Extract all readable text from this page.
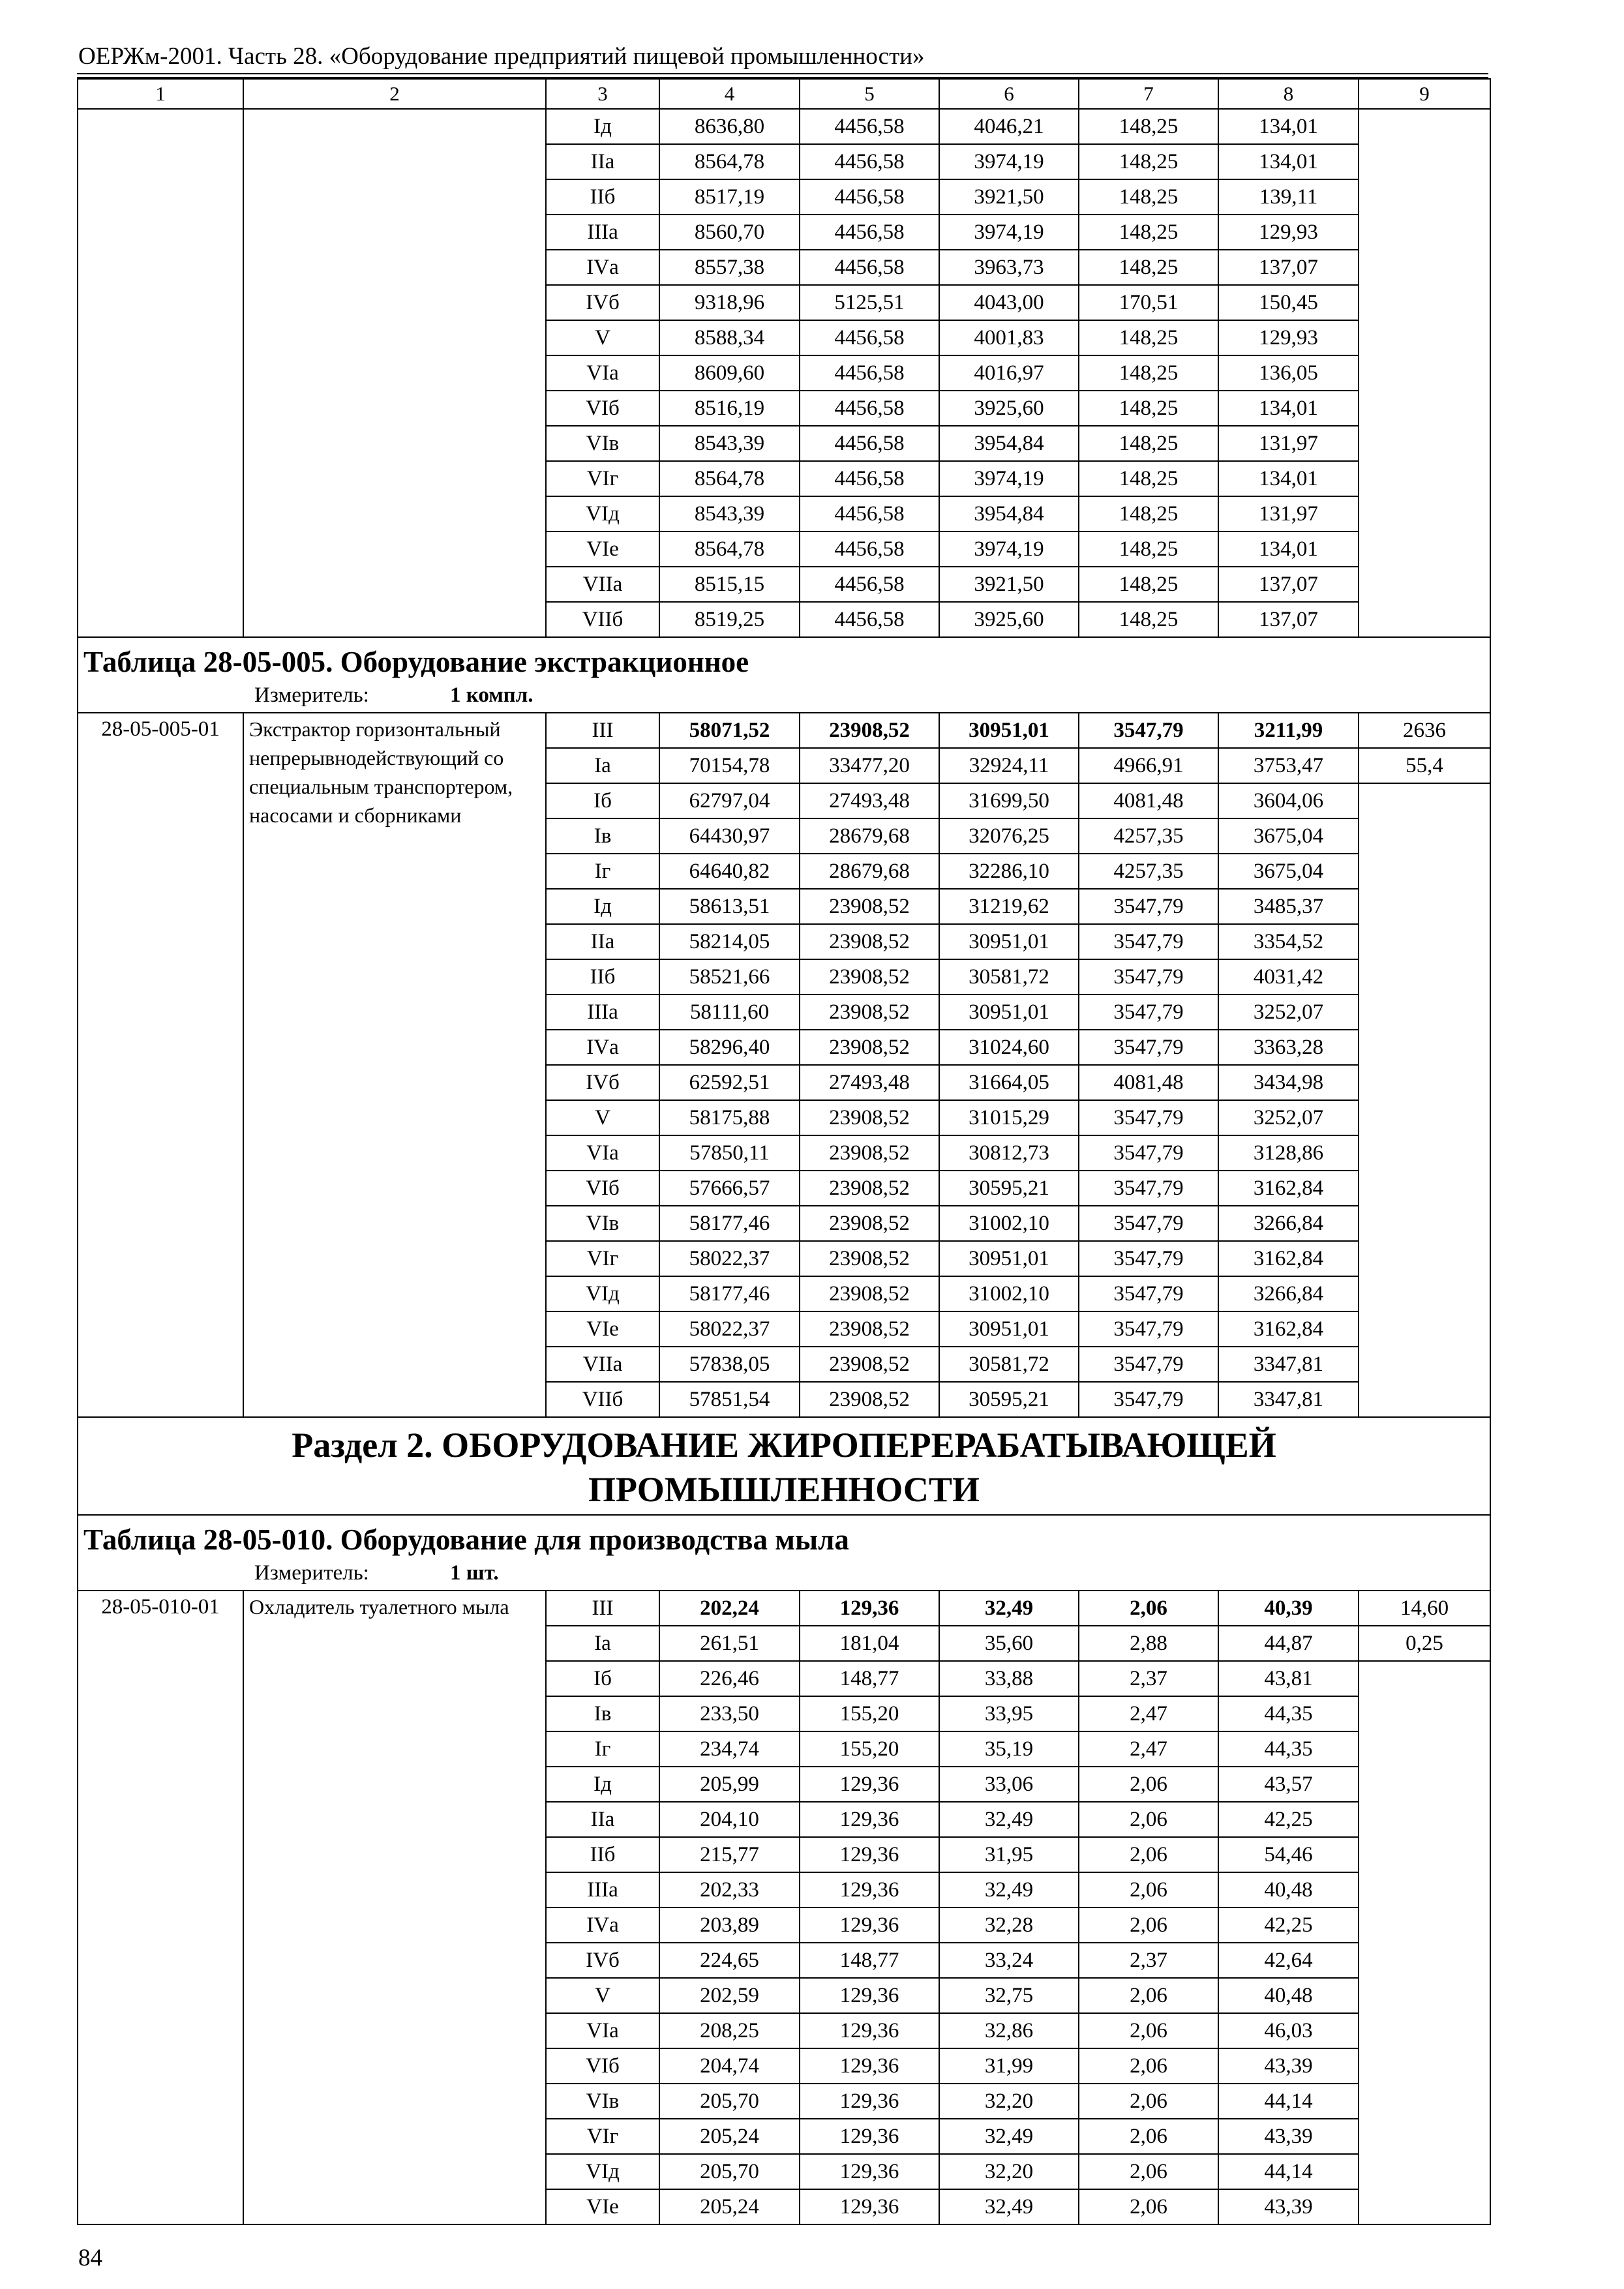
ОЕРЖм-2001. Часть 28. «Оборудование предприятий пищевой промышленности»
1	2	3	4	5	6	7	8	9
		Iд	8636,80	4456,58	4046,21	148,25	134,01	
		IIа	8564,78	4456,58	3974,19	148,25	134,01	
		IIб	8517,19	4456,58	3921,50	148,25	139,11	
		IIIа	8560,70	4456,58	3974,19	148,25	129,93	
		IVа	8557,38	4456,58	3963,73	148,25	137,07	
		IVб	9318,96	5125,51	4043,00	170,51	150,45	
		V	8588,34	4456,58	4001,83	148,25	129,93	
		VIа	8609,60	4456,58	4016,97	148,25	136,05	
		VIб	8516,19	4456,58	3925,60	148,25	134,01	
		VIв	8543,39	4456,58	3954,84	148,25	131,97	
		VIг	8564,78	4456,58	3974,19	148,25	134,01	
		VIд	8543,39	4456,58	3954,84	148,25	131,97	
		VIе	8564,78	4456,58	3974,19	148,25	134,01	
		VIIа	8515,15	4456,58	3921,50	148,25	137,07	
		VIIб	8519,25	4456,58	3925,60	148,25	137,07	
Таблица 28-05-005. Оборудование экстракционное
Измеритель: 1 компл.								

28-05-005-01	Экстрактор горизонтальный непрерывнодействующий со специальным транспортером, насосами и сборниками	III	58071,52	23908,52	30951,01	3547,79	3211,99	2636
		Iа	70154,78	33477,20	32924,11	4966,91	3753,47	55,4
		Iб	62797,04	27493,48	31699,50	4081,48	3604,06	
		Iв	64430,97	28679,68	32076,25	4257,35	3675,04	
		Iг	64640,82	28679,68	32286,10	4257,35	3675,04	
		Iд	58613,51	23908,52	31219,62	3547,79	3485,37	
		IIа	58214,05	23908,52	30951,01	3547,79	3354,52	
		IIб	58521,66	23908,52	30581,72	3547,79	4031,42	
		IIIа	58111,60	23908,52	30951,01	3547,79	3252,07	
		IVа	58296,40	23908,52	31024,60	3547,79	3363,28	
		IVб	62592,51	27493,48	31664,05	4081,48	3434,98	
		V	58175,88	23908,52	31015,29	3547,79	3252,07	
		VIа	57850,11	23908,52	30812,73	3547,79	3128,86	
		VIб	57666,57	23908,52	30595,21	3547,79	3162,84	
		VIв	58177,46	23908,52	31002,10	3547,79	3266,84	
		VIг	58022,37	23908,52	30951,01	3547,79	3162,84	
		VIд	58177,46	23908,52	31002,10	3547,79	3266,84	
		VIе	58022,37	23908,52	30951,01	3547,79	3162,84	
		VIIа	57838,05	23908,52	30581,72	3547,79	3347,81	
		VIIб	57851,54	23908,52	30595,21	3547,79	3347,81	
Раздел 2. ОБОРУДОВАНИЕ ЖИРОПЕРЕРАБАТЫВАЮЩЕЙ ПРОМЫШЛЕННОСТИ								
Таблица 28-05-010. Оборудование для производства мыла
Измеритель: 1 шт.								

28-05-010-01	Охладитель туалетного мыла	III	202,24	129,36	32,49	2,06	40,39	14,60
		Iа	261,51	181,04	35,60	2,88	44,87	0,25
		Iб	226,46	148,77	33,88	2,37	43,81	
		Iв	233,50	155,20	33,95	2,47	44,35	
		Iг	234,74	155,20	35,19	2,47	44,35	
		Iд	205,99	129,36	33,06	2,06	43,57	
		IIа	204,10	129,36	32,49	2,06	42,25	
		IIб	215,77	129,36	31,95	2,06	54,46	
		IIIа	202,33	129,36	32,49	2,06	40,48	
		IVа	203,89	129,36	32,28	2,06	42,25	
		IVб	224,65	148,77	33,24	2,37	42,64	
		V	202,59	129,36	32,75	2,06	40,48	
		VIа	208,25	129,36	32,86	2,06	46,03	
		VIб	204,74	129,36	31,99	2,06	43,39	
		VIв	205,70	129,36	32,20	2,06	44,14	
		VIг	205,24	129,36	32,49	2,06	43,39	
		VIд	205,70	129,36	32,20	2,06	44,14	
		VIе	205,24	129,36	32,49	2,06	43,39	
84
